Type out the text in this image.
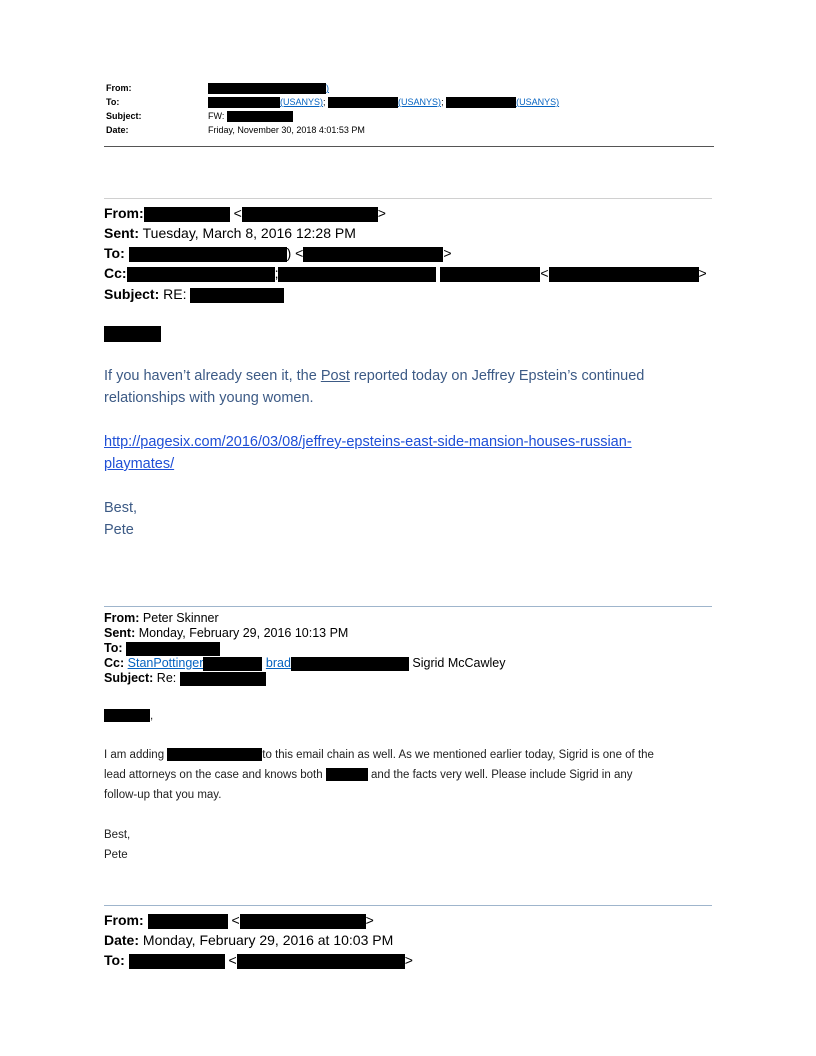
From:	)
To:	(USANYS);	(USANYS);	(USANYS)
Subject:	FW:
Date:	Friday, November 30, 2018 4:01:53 PM
From:	<	>
Sent: Tuesday, March 8, 2016 12:28 PM
To:	) <	>
Cc:	;	<	>
Subject: RE:
If you haven’t already seen it, the Post reported today on Jeffrey Epstein’s continued
relationships with young women.
http://pagesix.com/2016/03/08/jeffrey-epsteins-east-side-mansion-houses-russian-
playmates/
Best,
Pete
From: Peter Skinner
Sent: Monday, February 29, 2016 10:13 PM
To:
Cc: StanPottinger	brad	Sigrid McCawley
Subject: Re:
,
I am adding	to this email chain as well. As we mentioned earlier today, Sigrid is one of the
lead attorneys on the case and knows both	and the facts very well. Please include Sigrid in any
follow-up that you may.
Best,
Pete
From:	<	>
Date: Monday, February 29, 2016 at 10:03 PM
To:	<	>
